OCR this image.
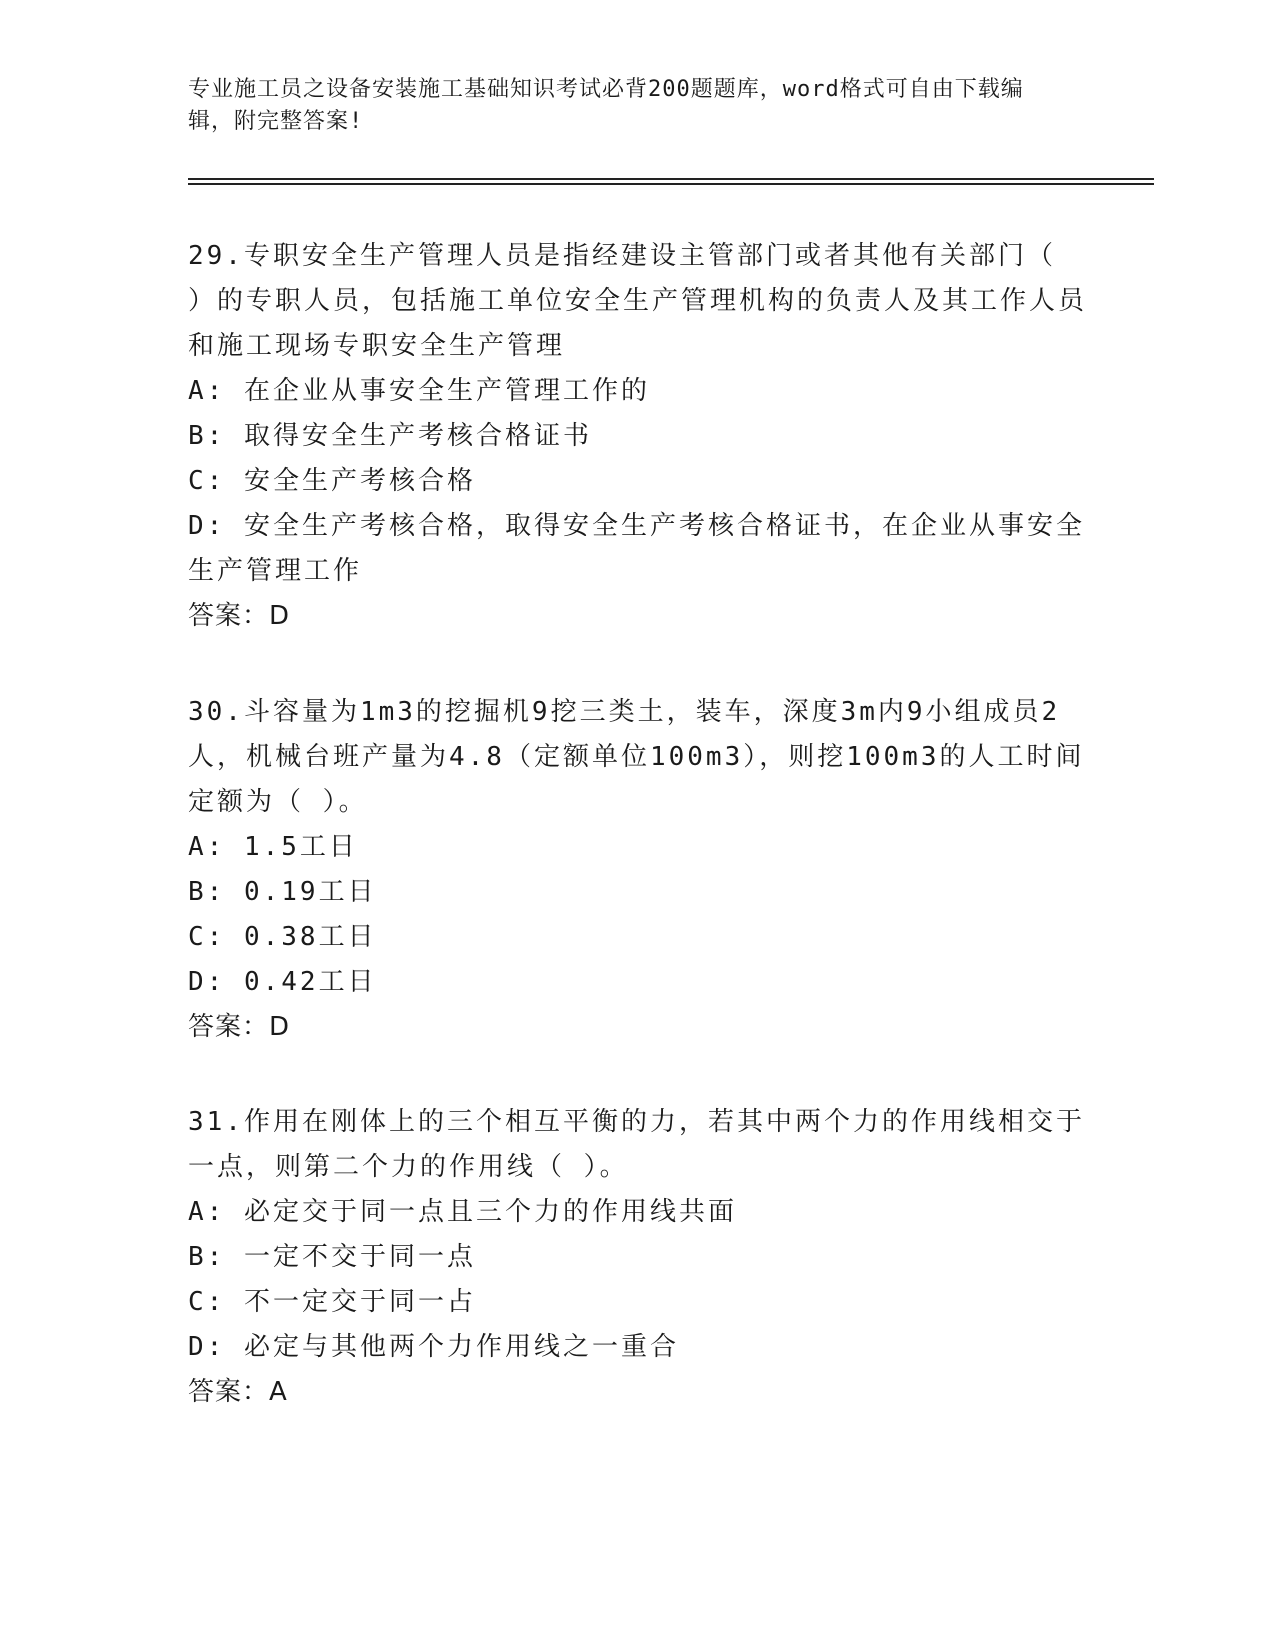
专业施工员之设备安装施工基础知识考试必背200题题库，word格式可自由下载编辑，附完整答案!

29.专职安全生产管理人员是指经建设主管部门或者其他有关部门（ ）的专职人员，包括施工单位安全生产管理机构的负责人及其工作人员和施工现场专职安全生产管理

A: 在企业从事安全生产管理工作的

B: 取得安全生产考核合格证书

C: 安全生产考核合格

D: 安全生产考核合格，取得安全生产考核合格证书，在企业从事安全生产管理工作

答案：D

30.斗容量为1m3的挖掘机9挖三类土，装车，深度3m内9小组成员2人，机械台班产量为4.8（定额单位100m3），则挖100m3的人工时间定额为（ ）。

A: 1.5工日

B: 0.19工日

C: 0.38工日

D: 0.42工日

答案：D

31.作用在刚体上的三个相互平衡的力，若其中两个力的作用线相交于一点，则第二个力的作用线（ ）。

A: 必定交于同一点且三个力的作用线共面

B: 一定不交于同一点

C: 不一定交于同一占

D: 必定与其他两个力作用线之一重合

答案：A
